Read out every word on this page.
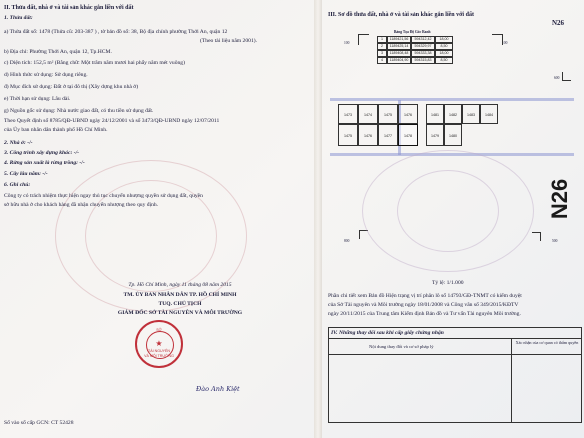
II. Thửa đất, nhà ở và tài sản khác gắn liền với đất
1. Thửa đất:
a) Thửa đất số: 1478 (Thửa cũ: 203-387 ) , tờ bản đồ số: 38, Bộ địa chính phường Thới An, quận 12
(Theo tài liệu năm 2001).
b) Địa chỉ: Phường Thới An, quận 12, Tp.HCM.
c) Diện tích: 152,5 m² (Bằng chữ: Một trăm năm mươi hai phẩy năm mét vuông)
d) Hình thức sử dụng: Sử dụng riêng.
đ) Mục đích sử dụng: Đất ở tại đô thị (Xây dựng khu nhà ở)
e) Thời hạn sử dụng: Lâu dài.
g) Nguồn gốc sử dụng: Nhà nước giao đất, có thu tiền sử dụng đất.
Theo Quyết định số 8785/QĐ-UBND ngày 24/12/2001 và số 3473/QĐ-UBND ngày 12/07/2011
của Ủy ban nhân dân thành phố Hồ Chí Minh.
2. Nhà ở: -/-
3. Công trình xây dựng khác: -/-
4. Rừng sản xuất là rừng trồng: -/-
5. Cây lâu năm: -/-
6. Ghi chú:
Công ty có trách nhiệm thực hiện ngay thủ tục chuyển nhượng quyền sử dụng đất, quyền
sở hữu nhà ở cho khách hàng đã nhận chuyển nhượng theo quy định.
Tp. Hồ Chí Minh, ngày 11 tháng 08 năm 2015
TM. ỦY BAN NHÂN DÂN TP. HỒ CHÍ MINH
TUQ. CHỦ TỊCH
GIÁM ĐỐC SỞ TÀI NGUYÊN VÀ MÔI TRƯỜNG
SỞ
★
TÀI NGUYÊN
VÀ MÔI TRƯỜNG
Đào Anh Kiệt
Số vào sổ cấp GCN: CT 52428
III. Sơ đồ thửa đất, nhà ở và tài sản khác gắn liền với đất
N26
Bảng Tọa Độ Góc Ranh
1	1189421,56	594312,42	18,00
2	1189425,14	594329,97	8,50
3	1189408,48	594333,38	18,00
4	1189404,90	594315,83	8,50
100	100
600
500
800
1473	1474	1475	1476	1481	1482	1483	1484
1475	1476	1477	1478	1479	1480
N26
Tỷ lệ: 1/1.000
Phần chi tiết xem Bản đồ Hiện trạng vị trí phân lô số 14793/GĐ-TNMT có kiểm duyệt
của Sở Tài nguyên và Môi trường ngày 18/01/2008 và Công văn số 349/2015/KĐTV
ngày 20/11/2015 của Trung tâm Kiểm định Bản đồ và Tư vấn Tài nguyên Môi trường.
IV. Những thay đổi sau khi cấp giấy chứng nhận
Nội dung thay đổi và cơ sở pháp lý
Xác nhận của cơ quan có thẩm quyền
